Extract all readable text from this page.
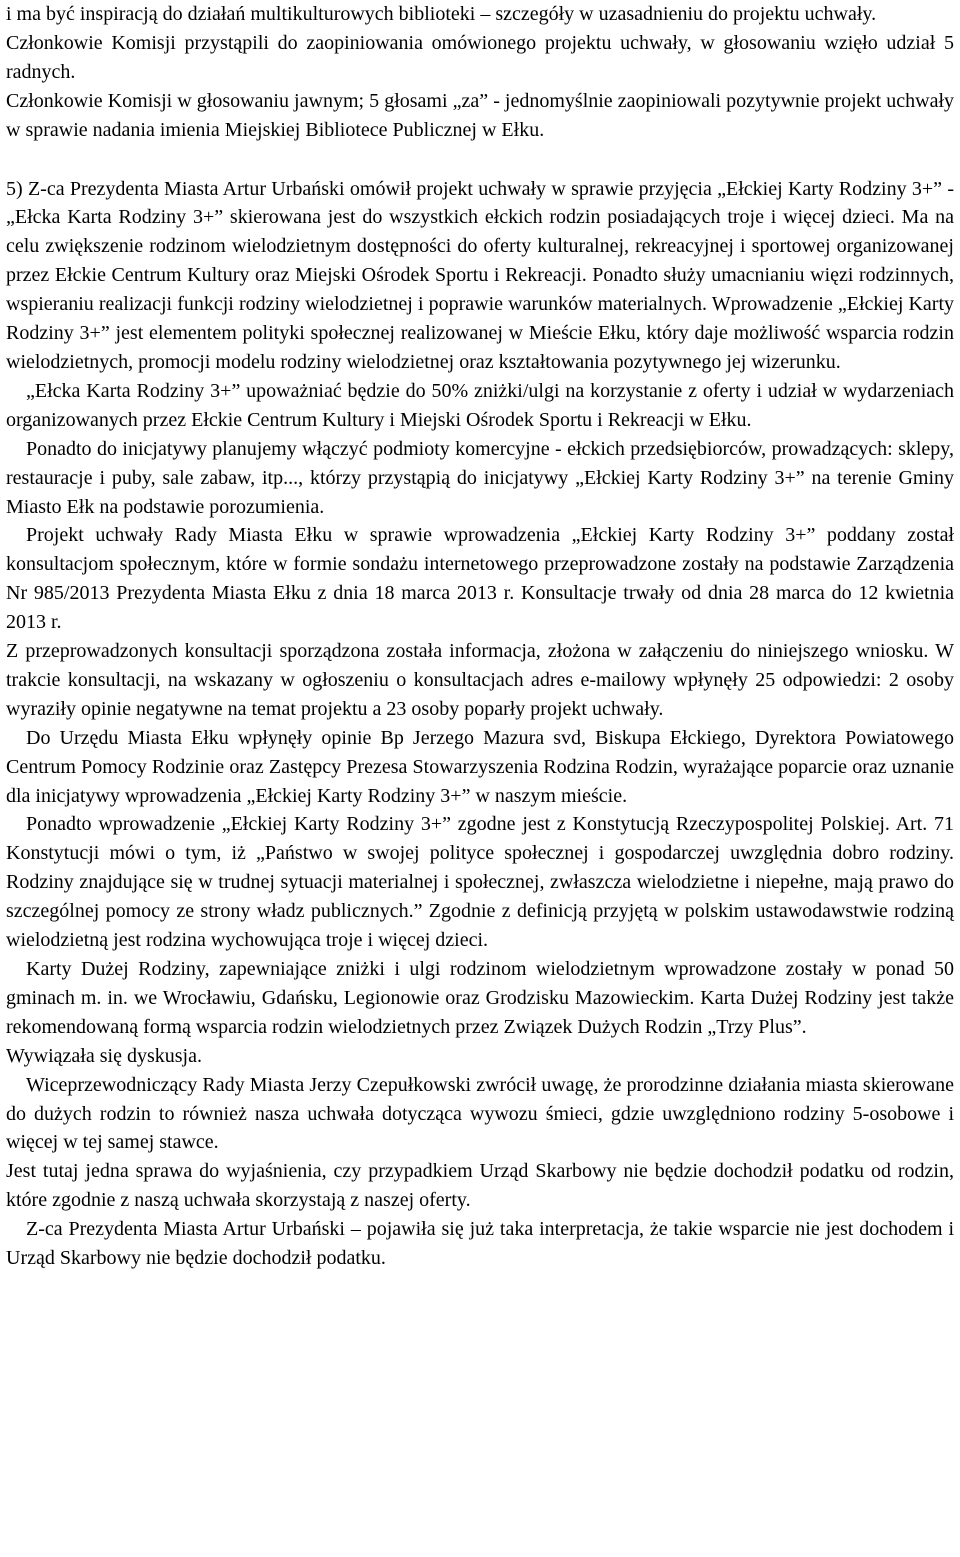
i ma być inspiracją do działań multikulturowych biblioteki – szczegóły w uzasadnieniu do projektu uchwały.

Członkowie Komisji przystąpili do zaopiniowania omówionego projektu uchwały, w głosowaniu wzięło udział 5 radnych.

Członkowie Komisji w głosowaniu jawnym; 5 głosami „za” - jednomyślnie zaopiniowali pozytywnie projekt uchwały w sprawie nadania imienia Miejskiej Bibliotece Publicznej w Ełku.

5) Z-ca Prezydenta Miasta Artur Urbański omówił projekt uchwały w sprawie przyjęcia „Ełckiej Karty Rodziny 3+” - „Ełcka Karta Rodziny 3+” skierowana jest do wszystkich ełckich rodzin posiadających troje i więcej dzieci. Ma na celu zwiększenie rodzinom wielodzietnym dostępności do oferty kulturalnej, rekreacyjnej i sportowej organizowanej przez Ełckie Centrum Kultury oraz Miejski Ośrodek Sportu i Rekreacji. Ponadto służy umacnianiu więzi rodzinnych, wspieraniu realizacji funkcji rodziny wielodzietnej i poprawie warunków materialnych. Wprowadzenie „Ełckiej Karty Rodziny 3+” jest elementem polityki społecznej realizowanej w Mieście Ełku, który daje możliwość wsparcia rodzin wielodzietnych, promocji modelu rodziny wielodzietnej oraz kształtowania pozytywnego jej wizerunku.

„Ełcka Karta Rodziny 3+” upoważniać będzie do 50% zniżki/ulgi na korzystanie z oferty i udział w wydarzeniach organizowanych przez Ełckie Centrum Kultury i Miejski Ośrodek Sportu i Rekreacji w Ełku.

Ponadto do inicjatywy planujemy włączyć podmioty komercyjne - ełckich przedsiębiorców, prowadzących: sklepy, restauracje i puby, sale zabaw, itp..., którzy przystąpią do inicjatywy „Ełckiej Karty Rodziny 3+” na terenie Gminy Miasto Ełk na podstawie porozumienia.

Projekt uchwały Rady Miasta Ełku w sprawie wprowadzenia „Ełckiej Karty Rodziny 3+” poddany został konsultacjom społecznym, które w formie sondażu internetowego przeprowadzone zostały na podstawie Zarządzenia Nr 985/2013 Prezydenta Miasta Ełku z dnia 18 marca 2013 r. Konsultacje trwały od dnia 28 marca do 12 kwietnia 2013 r.

Z przeprowadzonych konsultacji sporządzona została informacja, złożona w załączeniu do niniejszego wniosku. W trakcie konsultacji, na wskazany w ogłoszeniu o konsultacjach adres e-mailowy wpłynęły 25 odpowiedzi: 2 osoby wyraziły opinie negatywne na temat projektu a 23 osoby poparły projekt uchwały.

Do Urzędu Miasta Ełku wpłynęły opinie Bp Jerzego Mazura svd, Biskupa Ełckiego, Dyrektora Powiatowego Centrum Pomocy Rodzinie oraz Zastępcy Prezesa Stowarzyszenia Rodzina Rodzin, wyrażające poparcie oraz uznanie dla inicjatywy wprowadzenia „Ełckiej Karty Rodziny 3+” w naszym mieście.

Ponadto wprowadzenie „Ełckiej Karty Rodziny 3+” zgodne jest z Konstytucją Rzeczypospolitej Polskiej. Art. 71 Konstytucji mówi o tym, iż „Państwo w swojej polityce społecznej i gospodarczej uwzględnia dobro rodziny. Rodziny znajdujące się w trudnej sytuacji materialnej i społecznej, zwłaszcza wielodzietne i niepełne, mają prawo do szczególnej pomocy ze strony władz publicznych.” Zgodnie z definicją przyjętą w polskim ustawodawstwie rodziną wielodzietną jest rodzina wychowująca troje i więcej dzieci.

Karty Dużej Rodziny, zapewniające zniżki i ulgi rodzinom wielodzietnym wprowadzone zostały w ponad 50 gminach m. in. we Wrocławiu, Gdańsku, Legionowie oraz Grodzisku Mazowieckim. Karta Dużej Rodziny jest także rekomendowaną formą wsparcia rodzin wielodzietnych przez Związek Dużych Rodzin „Trzy Plus”.

Wywiązała się dyskusja.

Wiceprzewodniczący Rady Miasta Jerzy Czepułkowski zwrócił uwagę, że prorodzinne działania miasta skierowane do dużych rodzin to również nasza uchwała dotycząca wywozu śmieci, gdzie uwzględniono rodziny 5-osobowe i więcej w tej samej stawce.

Jest tutaj jedna sprawa do wyjaśnienia, czy przypadkiem Urząd Skarbowy nie będzie dochodził podatku od rodzin, które zgodnie z naszą uchwała skorzystają z naszej oferty.

Z-ca Prezydenta Miasta Artur Urbański – pojawiła się już taka interpretacja, że takie wsparcie nie jest dochodem i Urząd Skarbowy nie będzie dochodził podatku.
